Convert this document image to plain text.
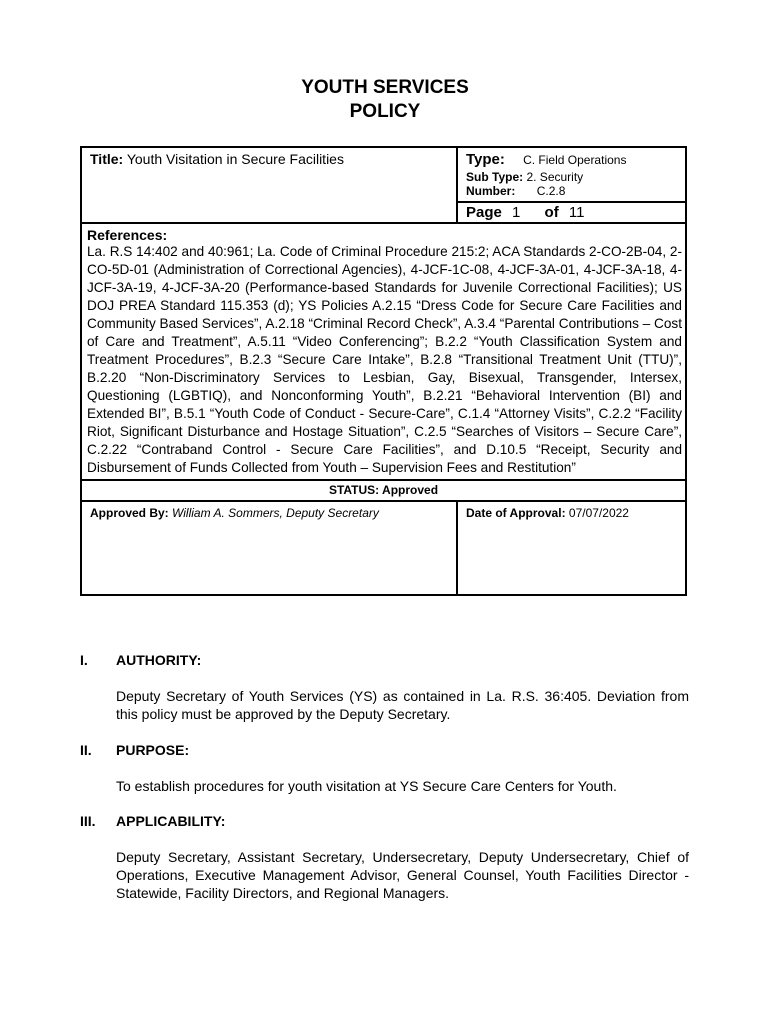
YOUTH SERVICES
POLICY
Title: Youth Visitation in Secure Facilities	Type: C. Field Operations
Sub Type: 2. Security
Number: C.2.8
Page 1 of 11
References:
La. R.S 14:402 and 40:961; La. Code of Criminal Procedure 215:2; ACA Standards 2-CO-2B-04, 2-CO-5D-01 (Administration of Correctional Agencies), 4-JCF-1C-08, 4-JCF-3A-01, 4-JCF-3A-18, 4-JCF-3A-19, 4-JCF-3A-20 (Performance-based Standards for Juvenile Correctional Facilities); US DOJ PREA Standard 115.353 (d); YS Policies A.2.15 “Dress Code for Secure Care Facilities and Community Based Services”, A.2.18 “Criminal Record Check”, A.3.4 “Parental Contributions – Cost of Care and Treatment”, A.5.11 “Video Conferencing”; B.2.2 “Youth Classification System and Treatment Procedures”, B.2.3 “Secure Care Intake”, B.2.8 “Transitional Treatment Unit (TTU)”, B.2.20 “Non-Discriminatory Services to Lesbian, Gay, Bisexual, Transgender, Intersex, Questioning (LGBTIQ), and Nonconforming Youth”, B.2.21 “Behavioral Intervention (BI) and Extended BI”, B.5.1 “Youth Code of Conduct - Secure-Care”, C.1.4 “Attorney Visits”, C.2.2 “Facility Riot, Significant Disturbance and Hostage Situation”, C.2.5 “Searches of Visitors – Secure Care”, C.2.22 “Contraband Control - Secure Care Facilities”, and D.10.5 “Receipt, Security and Disbursement of Funds Collected from Youth – Supervision Fees and Restitution”
STATUS: Approved
Approved By: William A. Sommers, Deputy Secretary	Date of Approval: 07/07/2022
I. AUTHORITY:
Deputy Secretary of Youth Services (YS) as contained in La. R.S. 36:405. Deviation from this policy must be approved by the Deputy Secretary.
II. PURPOSE:
To establish procedures for youth visitation at YS Secure Care Centers for Youth.
III. APPLICABILITY:
Deputy Secretary, Assistant Secretary, Undersecretary, Deputy Undersecretary, Chief of Operations, Executive Management Advisor, General Counsel, Youth Facilities Director - Statewide, Facility Directors, and Regional Managers.
